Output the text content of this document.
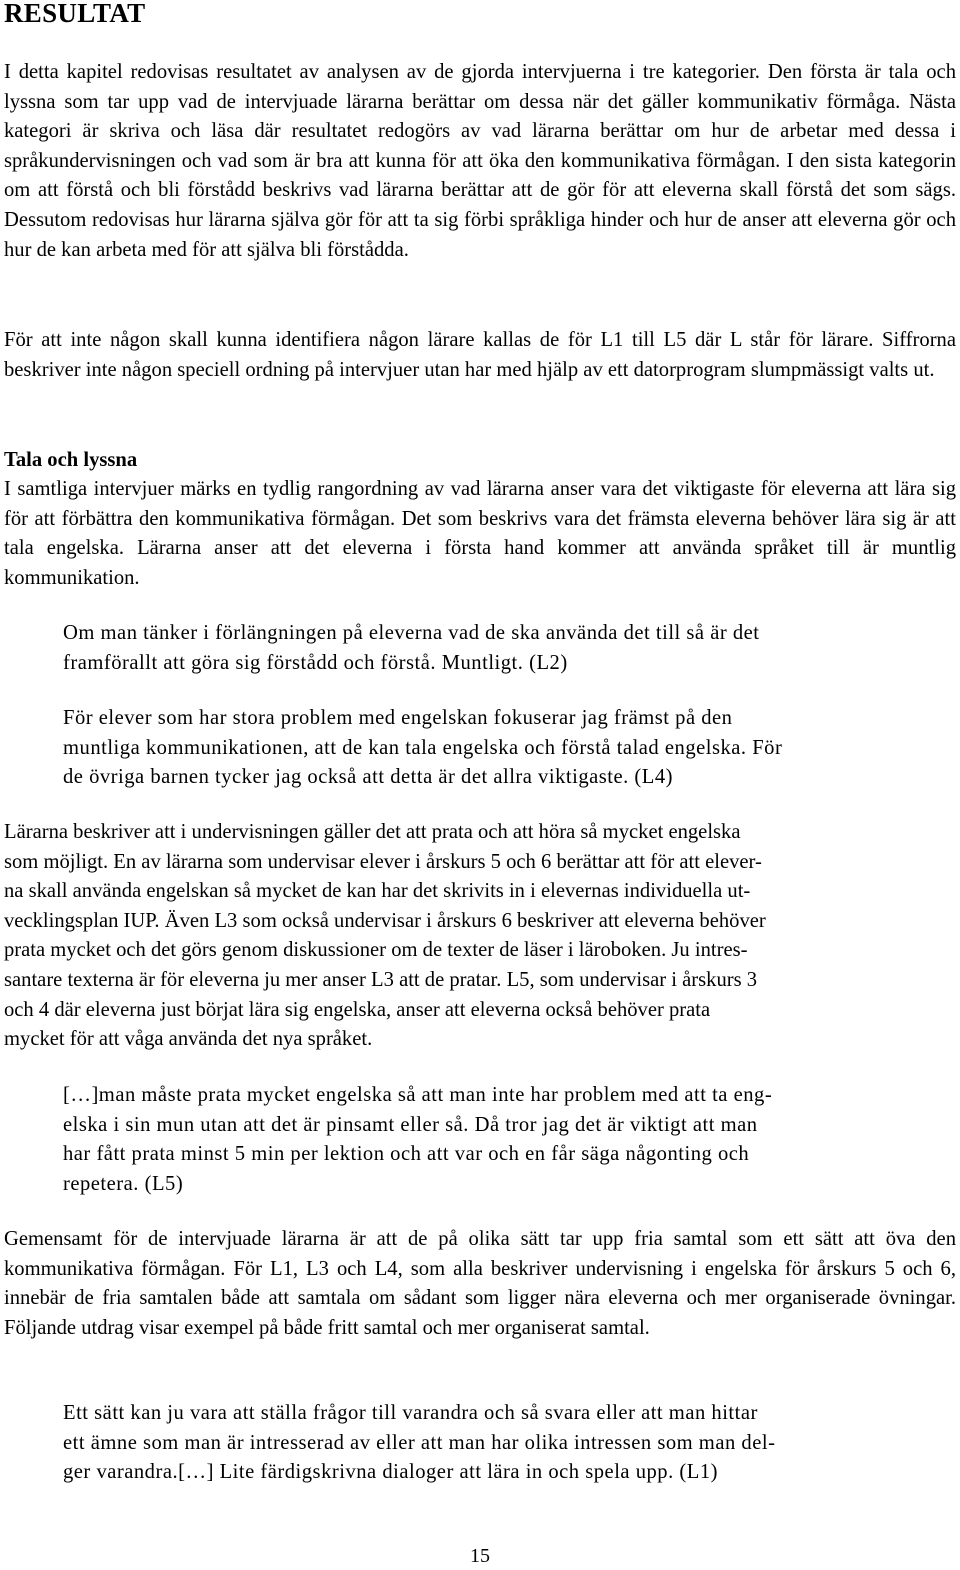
RESULTAT

I detta kapitel redovisas resultatet av analysen av de gjorda intervjuerna i tre kategorier. Den första är tala och lyssna som tar upp vad de intervjuade lärarna berättar om dessa när det gäller kommunikativ förmåga. Nästa kategori är skriva och läsa där resultatet redogörs av vad lärarna berättar om hur de arbetar med dessa i språkundervisningen och vad som är bra att kunna för att öka den kommunikativa förmågan. I den sista kategorin om att förstå och bli förstådd beskrivs vad lärarna berättar att de gör för att eleverna skall förstå det som sägs. Dessutom redovisas hur lärarna själva gör för att ta sig förbi språkliga hinder och hur de anser att eleverna gör och hur de kan arbeta med för att själva bli förstådda.

För att inte någon skall kunna identifiera någon lärare kallas de för L1 till L5 där L står för lärare. Siffrorna beskriver inte någon speciell ordning på intervjuer utan har med hjälp av ett datorprogram slumpmässigt valts ut.

Tala och lyssna

I samtliga intervjuer märks en tydlig rangordning av vad lärarna anser vara det viktigaste för eleverna att lära sig för att förbättra den kommunikativa förmågan. Det som beskrivs vara det främsta eleverna behöver lära sig är att tala engelska. Lärarna anser att det eleverna i första hand kommer att använda språket till är muntlig kommunikation.

Om man tänker i förlängningen på eleverna vad de ska använda det till så är det
framförallt att göra sig förstådd och förstå. Muntligt. (L2)
För elever som har stora problem med engelskan fokuserar jag främst på den
muntliga kommunikationen, att de kan tala engelska och förstå talad engelska. För
de övriga barnen tycker jag också att detta är det allra viktigaste. (L4)
Lärarna beskriver att i undervisningen gäller det att prata och att höra så mycket engelska
som möjligt. En av lärarna som undervisar elever i årskurs 5 och 6 berättar att för att elever-
na skall använda engelskan så mycket de kan har det skrivits in i elevernas individuella ut-
vecklingsplan IUP. Även L3 som också undervisar i årskurs 6 beskriver att eleverna behöver
prata mycket och det görs genom diskussioner om de texter de läser i läroboken. Ju intres-
santare texterna är för eleverna ju mer anser L3 att de pratar. L5, som undervisar i årskurs 3
och 4 där eleverna just börjat lära sig engelska, anser att eleverna också behöver prata
mycket för att våga använda det nya språket.
[…]man måste prata mycket engelska så att man inte har problem med att ta eng-
elska i sin mun utan att det är pinsamt eller så. Då tror jag det är viktigt att man
har fått prata minst 5 min per lektion och att var och en får säga någonting och
repetera. (L5)

Gemensamt för de intervjuade lärarna är att de på olika sätt tar upp fria samtal som ett sätt att öva den kommunikativa förmågan. För L1, L3 och L4, som alla beskriver undervisning i engelska för årskurs 5 och 6, innebär de fria samtalen både att samtala om sådant som ligger nära eleverna och mer organiserade övningar. Följande utdrag visar exempel på både fritt samtal och mer organiserat samtal.

Ett sätt kan ju vara att ställa frågor till varandra och så svara eller att man hittar
ett ämne som man är intresserad av eller att man har olika intressen som man del-
ger varandra.[…] Lite färdigskrivna dialoger att lära in och spela upp. (L1)
15
